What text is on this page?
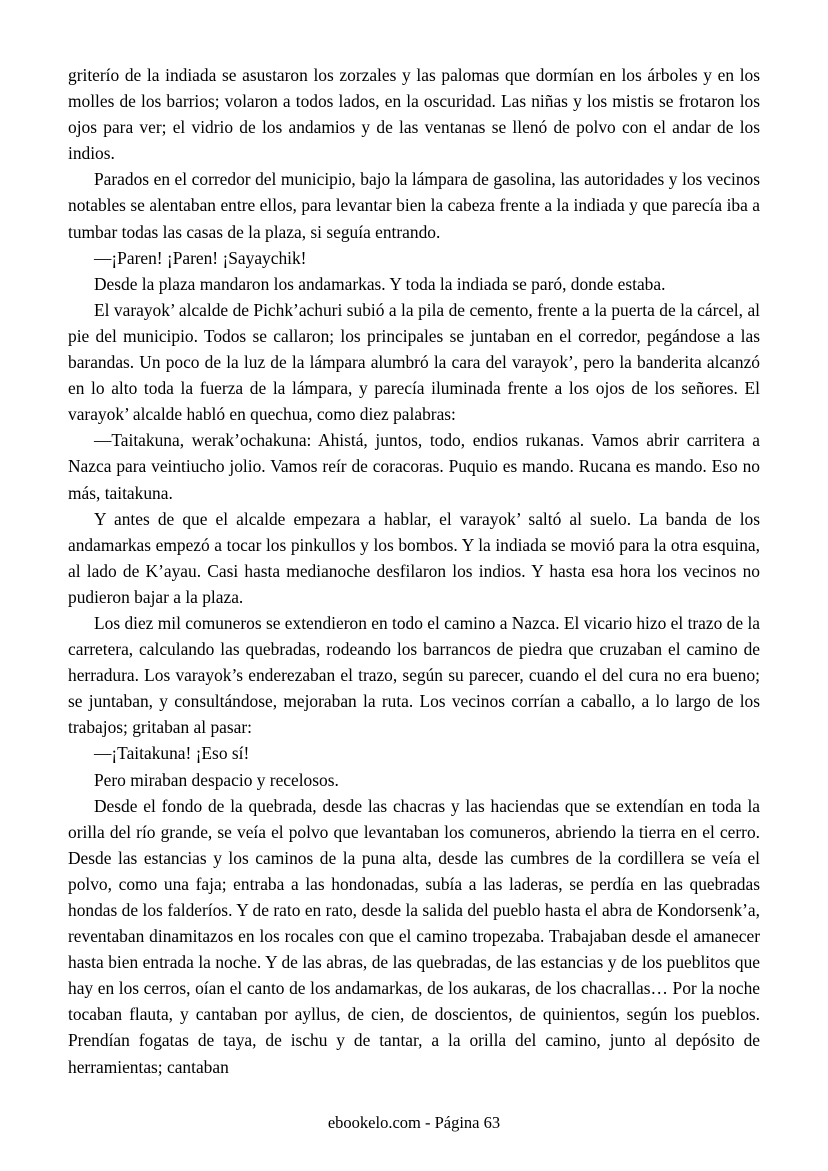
griterío de la indiada se asustaron los zorzales y las palomas que dormían en los árboles y en los molles de los barrios; volaron a todos lados, en la oscuridad. Las niñas y los mistis se frotaron los ojos para ver; el vidrio de los andamios y de las ventanas se llenó de polvo con el andar de los indios.

Parados en el corredor del municipio, bajo la lámpara de gasolina, las autoridades y los vecinos notables se alentaban entre ellos, para levantar bien la cabeza frente a la indiada y que parecía iba a tumbar todas las casas de la plaza, si seguía entrando.

—¡Paren! ¡Paren! ¡Sayaychik!

Desde la plaza mandaron los andamarkas. Y toda la indiada se paró, donde estaba.

El varayok’ alcalde de Pichk’achuri subió a la pila de cemento, frente a la puerta de la cárcel, al pie del municipio. Todos se callaron; los principales se juntaban en el corredor, pegándose a las barandas. Un poco de la luz de la lámpara alumbró la cara del varayok’, pero la banderita alcanzó en lo alto toda la fuerza de la lámpara, y parecía iluminada frente a los ojos de los señores. El varayok’ alcalde habló en quechua, como diez palabras:

—Taitakuna, werak’ochakuna: Ahistá, juntos, todo, endios rukanas. Vamos abrir carritera a Nazca para veintiucho jolio. Vamos reír de coracoras. Puquio es mando. Rucana es mando. Eso no más, taitakuna.

Y antes de que el alcalde empezara a hablar, el varayok’ saltó al suelo. La banda de los andamarkas empezó a tocar los pinkullos y los bombos. Y la indiada se movió para la otra esquina, al lado de K’ayau. Casi hasta medianoche desfilaron los indios. Y hasta esa hora los vecinos no pudieron bajar a la plaza.

Los diez mil comuneros se extendieron en todo el camino a Nazca. El vicario hizo el trazo de la carretera, calculando las quebradas, rodeando los barrancos de piedra que cruzaban el camino de herradura. Los varayok’s enderezaban el trazo, según su parecer, cuando el del cura no era bueno; se juntaban, y consultándose, mejoraban la ruta. Los vecinos corrían a caballo, a lo largo de los trabajos; gritaban al pasar:

—¡Taitakuna! ¡Eso sí!

Pero miraban despacio y recelosos.

Desde el fondo de la quebrada, desde las chacras y las haciendas que se extendían en toda la orilla del río grande, se veía el polvo que levantaban los comuneros, abriendo la tierra en el cerro. Desde las estancias y los caminos de la puna alta, desde las cumbres de la cordillera se veía el polvo, como una faja; entraba a las hondonadas, subía a las laderas, se perdía en las quebradas hondas de los falderíos. Y de rato en rato, desde la salida del pueblo hasta el abra de Kondorsenk’a, reventaban dinamitazos en los rocales con que el camino tropezaba. Trabajaban desde el amanecer hasta bien entrada la noche. Y de las abras, de las quebradas, de las estancias y de los pueblitos que hay en los cerros, oían el canto de los andamarkas, de los aukaras, de los chacrallas… Por la noche tocaban flauta, y cantaban por ayllus, de cien, de doscientos, de quinientos, según los pueblos. Prendían fogatas de taya, de ischu y de tantar, a la orilla del camino, junto al depósito de herramientas; cantaban

ebookelo.com - Página 63
